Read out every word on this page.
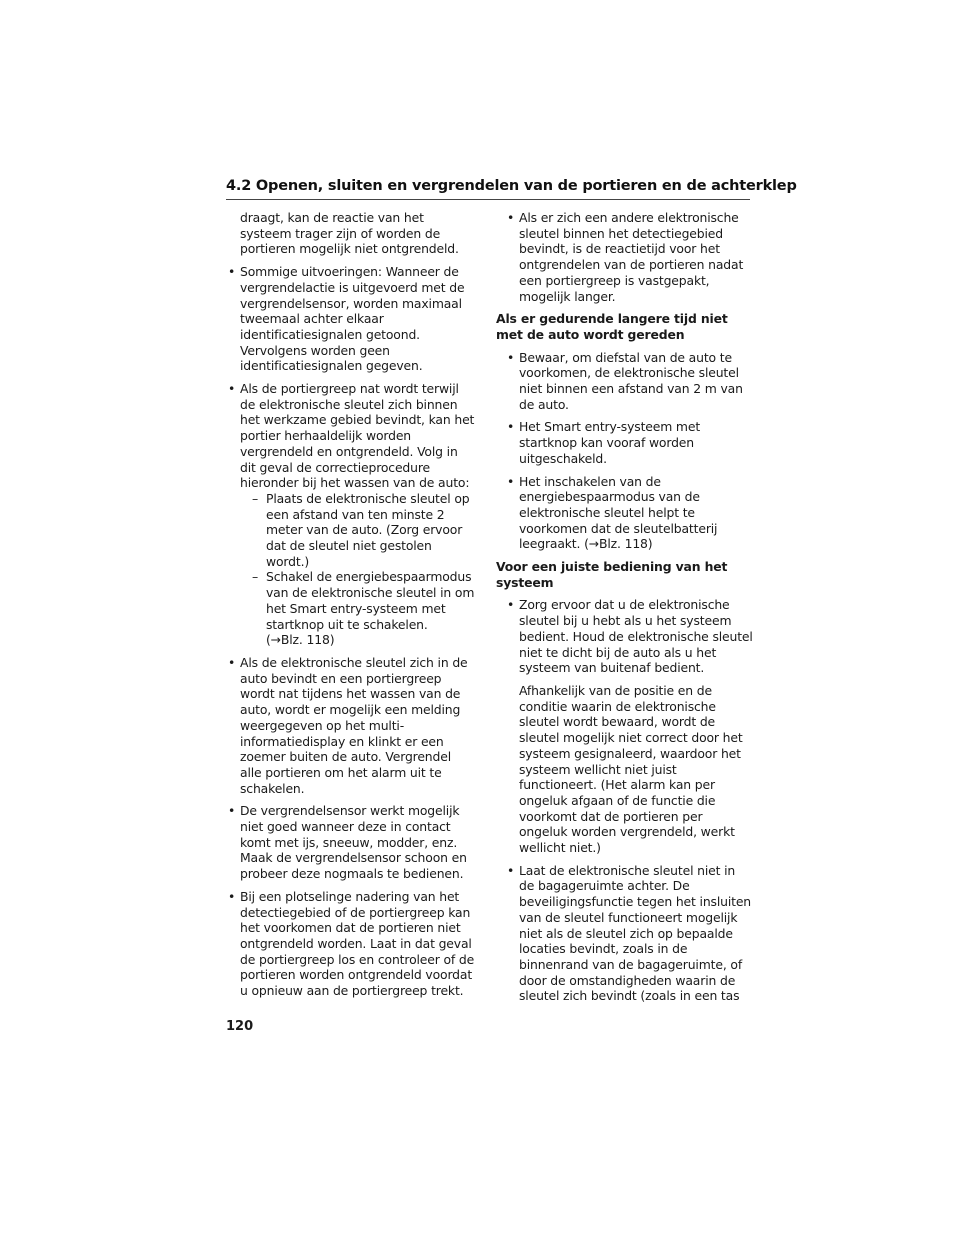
4.2 Openen, sluiten en vergrendelen van de portieren en de achterklep

draagt, kan de reactie van het systeem trager zijn of worden de portieren mogelijk niet ontgrendeld.

• Sommige uitvoeringen: Wanneer de vergrendelactie is uitgevoerd met de vergrendelsensor, worden maximaal tweemaal achter elkaar identificatiesignalen getoond. Vervolgens worden geen identificatiesignalen gegeven.
• Als de portiergreep nat wordt terwijl de elektronische sleutel zich binnen het werkzame gebied bevindt, kan het portier herhaaldelijk worden vergrendeld en ontgrendeld. Volg in dit geval de correctieprocedure hieronder bij het wassen van de auto:
– Plaats de elektronische sleutel op een afstand van ten minste 2 meter van de auto. (Zorg ervoor dat de sleutel niet gestolen wordt.)
– Schakel de energiebespaarmodus van de elektronische sleutel in om het Smart entry-systeem met startknop uit te schakelen.
(→Blz. 118)
• Als de elektronische sleutel zich in de auto bevindt en een portiergreep wordt nat tijdens het wassen van de auto, wordt er mogelijk een melding weergegeven op het multi-informatiedisplay en klinkt er een zoemer buiten de auto. Vergrendel alle portieren om het alarm uit te schakelen.
• De vergrendelsensor werkt mogelijk niet goed wanneer deze in contact komt met ijs, sneeuw, modder, enz. Maak de vergrendelsensor schoon en probeer deze nogmaals te bedienen.
• Bij een plotselinge nadering van het detectiegebied of de portiergreep kan het voorkomen dat de portieren niet ontgrendeld worden. Laat in dat geval de portiergreep los en controleer of de portieren worden ontgrendeld voordat u opnieuw aan de portiergreep trekt.
• Als er zich een andere elektronische sleutel binnen het detectiegebied bevindt, is de reactietijd voor het ontgrendelen van de portieren nadat een portiergreep is vastgepakt, mogelijk langer.

Als er gedurende langere tijd niet met de auto wordt gereden

• Bewaar, om diefstal van de auto te voorkomen, de elektronische sleutel niet binnen een afstand van 2 m van de auto.
• Het Smart entry-systeem met startknop kan vooraf worden uitgeschakeld.
• Het inschakelen van de energiebespaarmodus van de elektronische sleutel helpt te voorkomen dat de sleutelbatterij leegraakt. (→Blz. 118)

Voor een juiste bediening van het systeem

• Zorg ervoor dat u de elektronische sleutel bij u hebt als u het systeem bedient. Houd de elektronische sleutel niet te dicht bij de auto als u het systeem van buitenaf bedient.

Afhankelijk van de positie en de conditie waarin de elektronische sleutel wordt bewaard, wordt de sleutel mogelijk niet correct door het systeem gesignaleerd, waardoor het systeem wellicht niet juist functioneert. (Het alarm kan per ongeluk afgaan of de functie die voorkomt dat de portieren per ongeluk worden vergrendeld, werkt wellicht niet.)

• Laat de elektronische sleutel niet in de bagageruimte achter. De beveiligingsfunctie tegen het insluiten van de sleutel functioneert mogelijk niet als de sleutel zich op bepaalde locaties bevindt, zoals in de binnenrand van de bagageruimte, of door de omstandigheden waarin de sleutel zich bevindt (zoals in een tas
120
